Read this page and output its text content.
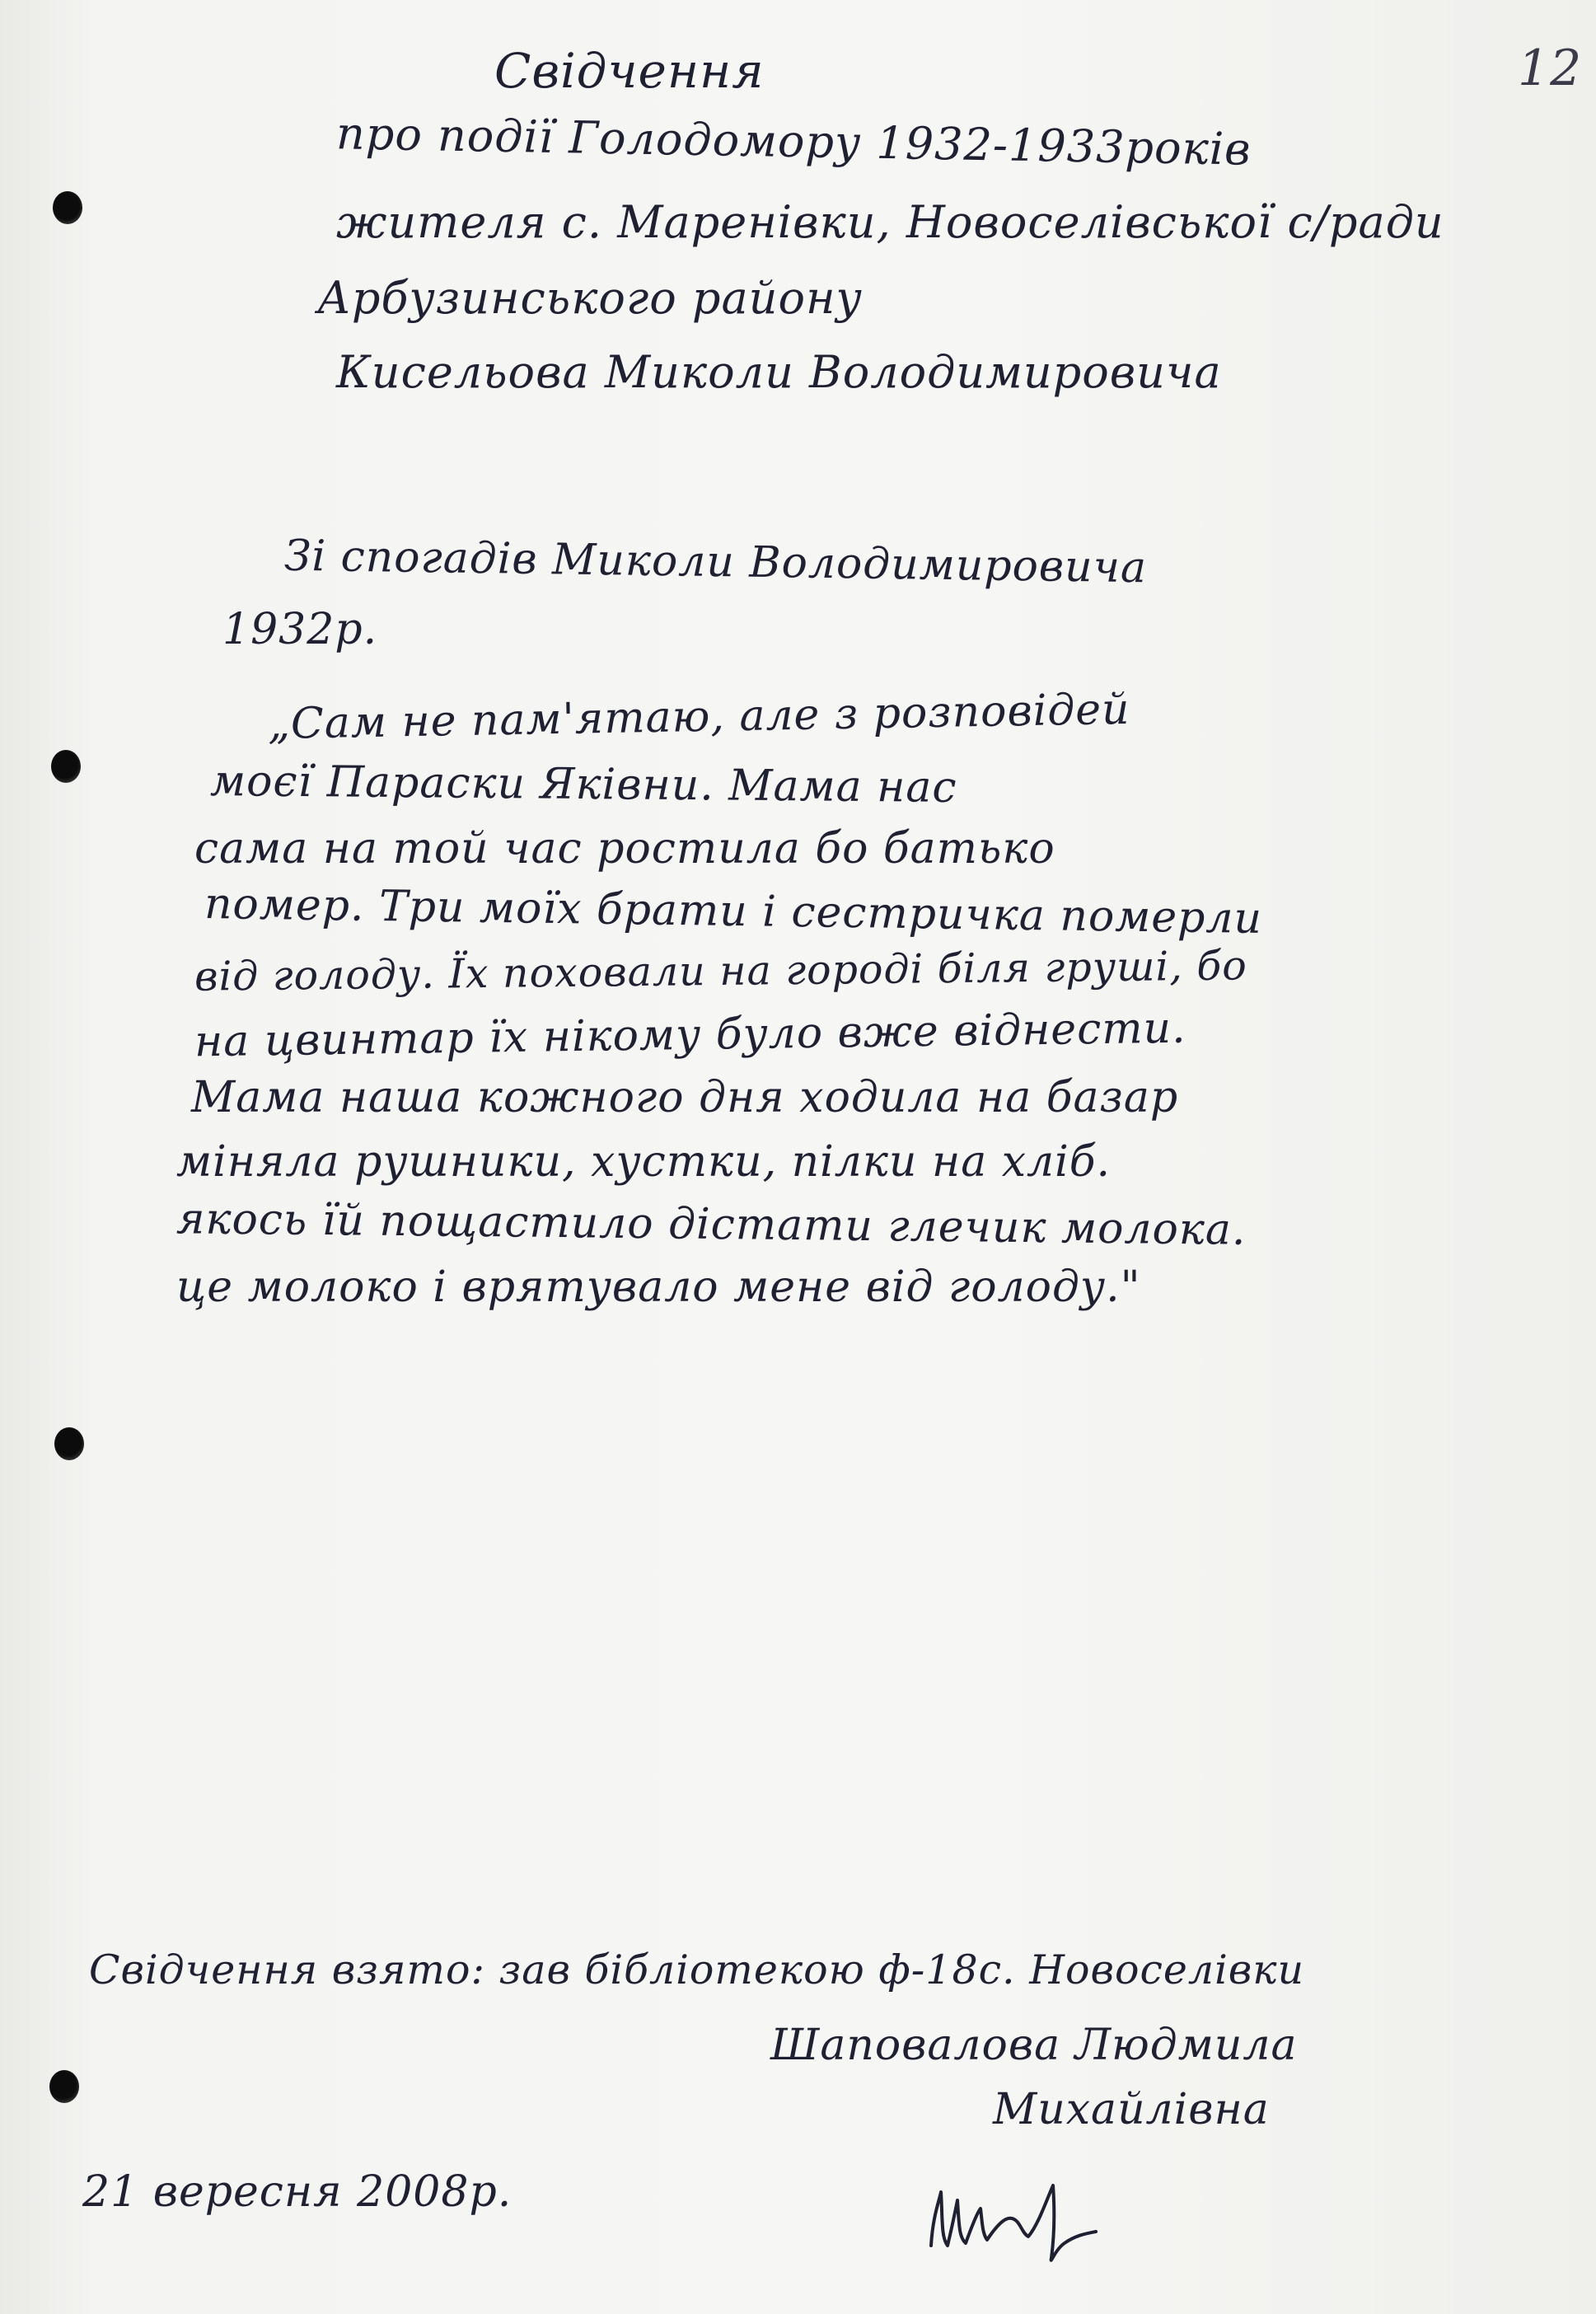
12
Свідчення
про події Голодомору 1932-1933років
жителя с. Маренівки, Новоселівської с/ради
Арбузинського району
Кисельова Миколи Володимировича
Зі спогадів Миколи Володимировича
1932р.
„Сам не пам'ятаю, але з розповідей
моєї Параски Яківни. Мама нас
сама на той час ростила бо батько
помер. Три моїх брати і сестричка померли
від голоду. Їх поховали на городі біля груші, бо
на цвинтар їх нікому було вже віднести.
Мама наша кожного дня ходила на базар
міняла рушники, хустки, пілки на хліб.
якось їй пощастило дістати глечик молока.
це молоко і врятувало мене від голоду."
Свідчення взято: зав бібліотекою ф-18с. Новоселівки
Шаповалова Людмила
Михайлівна
21 вересня 2008р.
